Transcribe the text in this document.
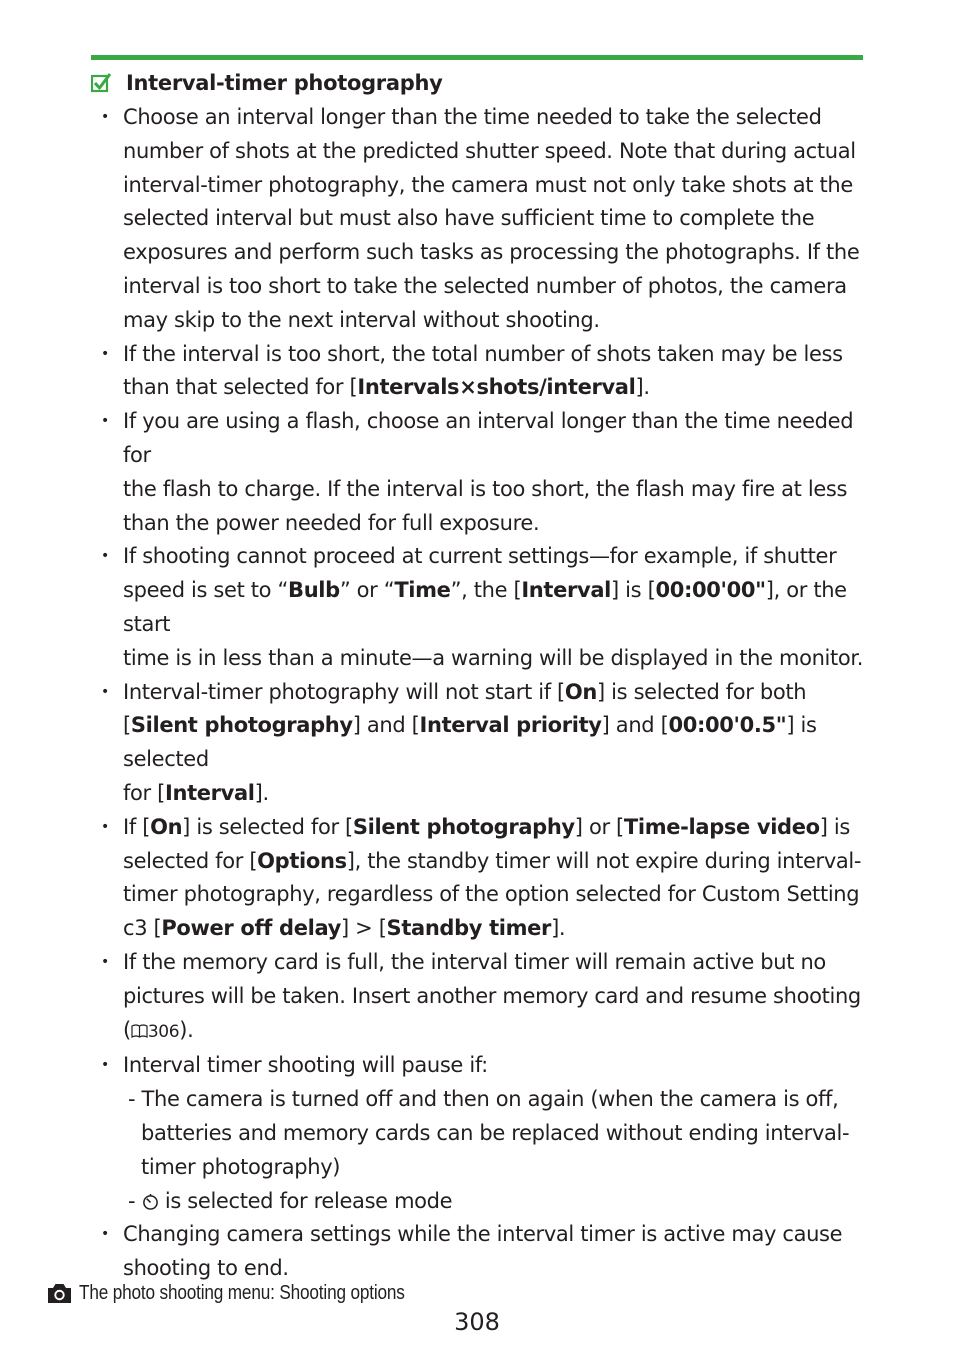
Interval-timer photography
• Choose an interval longer than the time needed to take the selected
number of shots at the predicted shutter speed. Note that during actual
interval-timer photography, the camera must not only take shots at the
selected interval but must also have sufficient time to complete the
exposures and perform such tasks as processing the photographs. If the
interval is too short to take the selected number of photos, the camera
may skip to the next interval without shooting.
• If the interval is too short, the total number of shots taken may be less
than that selected for [Intervals×shots/interval].
• If you are using a flash, choose an interval longer than the time needed for
the flash to charge. If the interval is too short, the flash may fire at less
than the power needed for full exposure.
• If shooting cannot proceed at current settings—for example, if shutter
speed is set to “Bulb” or “Time”, the [Interval] is [00:00'00"], or the start
time is in less than a minute—a warning will be displayed in the monitor.
• Interval-timer photography will not start if [On] is selected for both
[Silent photography] and [Interval priority] and [00:00'0.5"] is selected
for [Interval].
• If [On] is selected for [Silent photography] or [Time-lapse video] is
selected for [Options], the standby timer will not expire during interval-
timer photography, regardless of the option selected for Custom Setting
c3 [Power off delay] > [Standby timer].
• If the memory card is full, the interval timer will remain active but no
pictures will be taken. Insert another memory card and resume shooting
( 306).
• Interval timer shooting will pause if:
- The camera is turned off and then on again (when the camera is off,
batteries and memory cards can be replaced without ending interval-
timer photography)
-  is selected for release mode
• Changing camera settings while the interval timer is active may cause
shooting to end.
The photo shooting menu: Shooting options
308
